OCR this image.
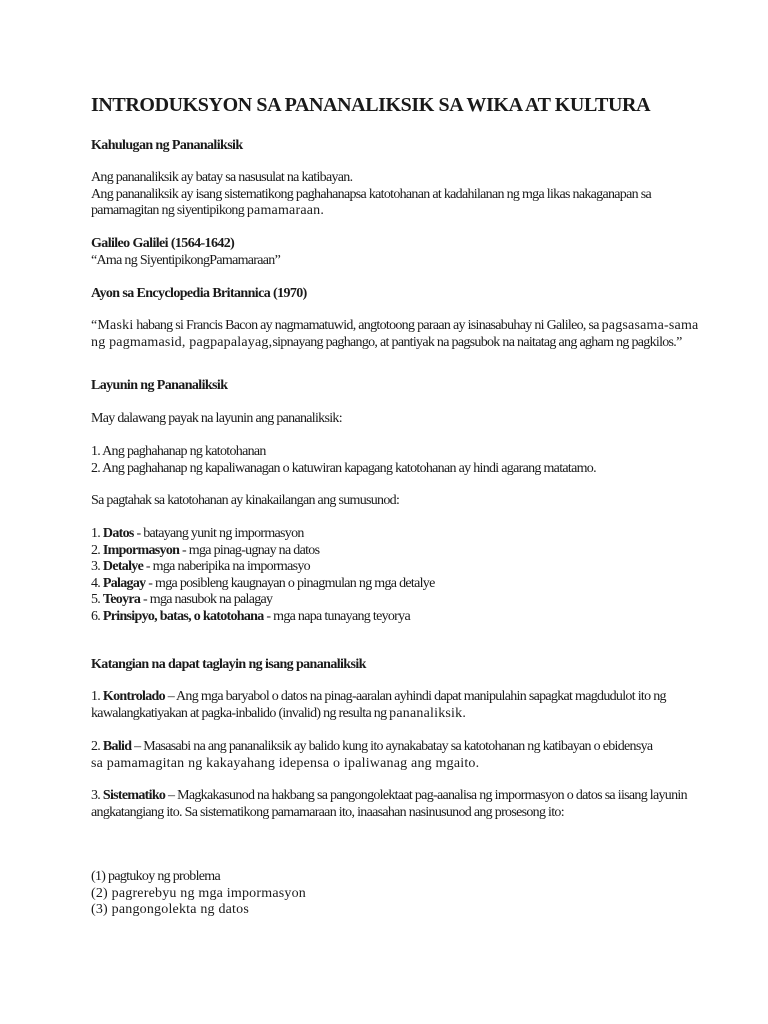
INTRODUKSYON SA PANANALIKSIK SA WIKA AT KULTURA
Kahulugan ng Pananaliksik
Ang pananaliksik ay batay sa nasusulat na katibayan.
Ang pananaliksik ay isang sistematikong paghahanapsa katotohanan at kadahilanan ng mga likas nakaganapan sa
pamamagitan ng siyentipikong pamamaraan.
Galileo Galilei (1564-1642)
“Ama ng SiyentipikongPamamaraan”
Ayon sa Encyclopedia Britannica (1970)
“Maski habang si Francis Bacon ay nagmamatuwid, angtotoong paraan ay isinasabuhay ni Galileo, sa pagsasama-sama
ng pagmamasid, pagpapalayag,sipnayang paghango, at pantiyak na pagsubok na naitatag ang agham ng pagkilos.”
Layunin ng Pananaliksik
May dalawang payak na layunin ang pananaliksik:
1. Ang paghahanap ng katotohanan
2. Ang paghahanap ng kapaliwanagan o katuwiran kapagang katotohanan ay hindi agarang matatamo.
Sa pagtahak sa katotohanan ay kinakailangan ang sumusunod:
1. Datos - batayang yunit ng impormasyon
2. Impormasyon - mga pinag-ugnay na datos
3. Detalye - mga naberipika na impormasyo
4. Palagay - mga posibleng kaugnayan o pinagmulan ng mga detalye
5. Teoyra - mga nasubok na palagay
6. Prinsipyo, batas, o katotohana - mga napa tunayang teyorya
Katangian na dapat taglayin ng isang pananaliksik
1. Kontrolado – Ang mga baryabol o datos na pinag-aaralan ayhindi dapat manipulahin sapagkat magdudulot ito ng
kawalangkatiyakan at pagka-inbalido (invalid) ng resulta ng pananaliksik.
2. Balid – Masasabi na ang pananaliksik ay balido kung ito aynakabatay sa katotohanan ng katibayan o ebidensya
sa pamamagitan ng kakayahang idepensa o ipaliwanag ang mgaito.
3. Sistematiko – Magkakasunod na hakbang sa pangongolektaat pag-aanalisa ng impormasyon o datos sa iisang layunin
angkatangiang ito. Sa sistematikong pamamaraan ito, inaasahan nasinusunod ang prosesong ito:
(1) pagtukoy ng problema
(2) pagrerebyu ng mga impormasyon
(3) pangongolekta ng datos
